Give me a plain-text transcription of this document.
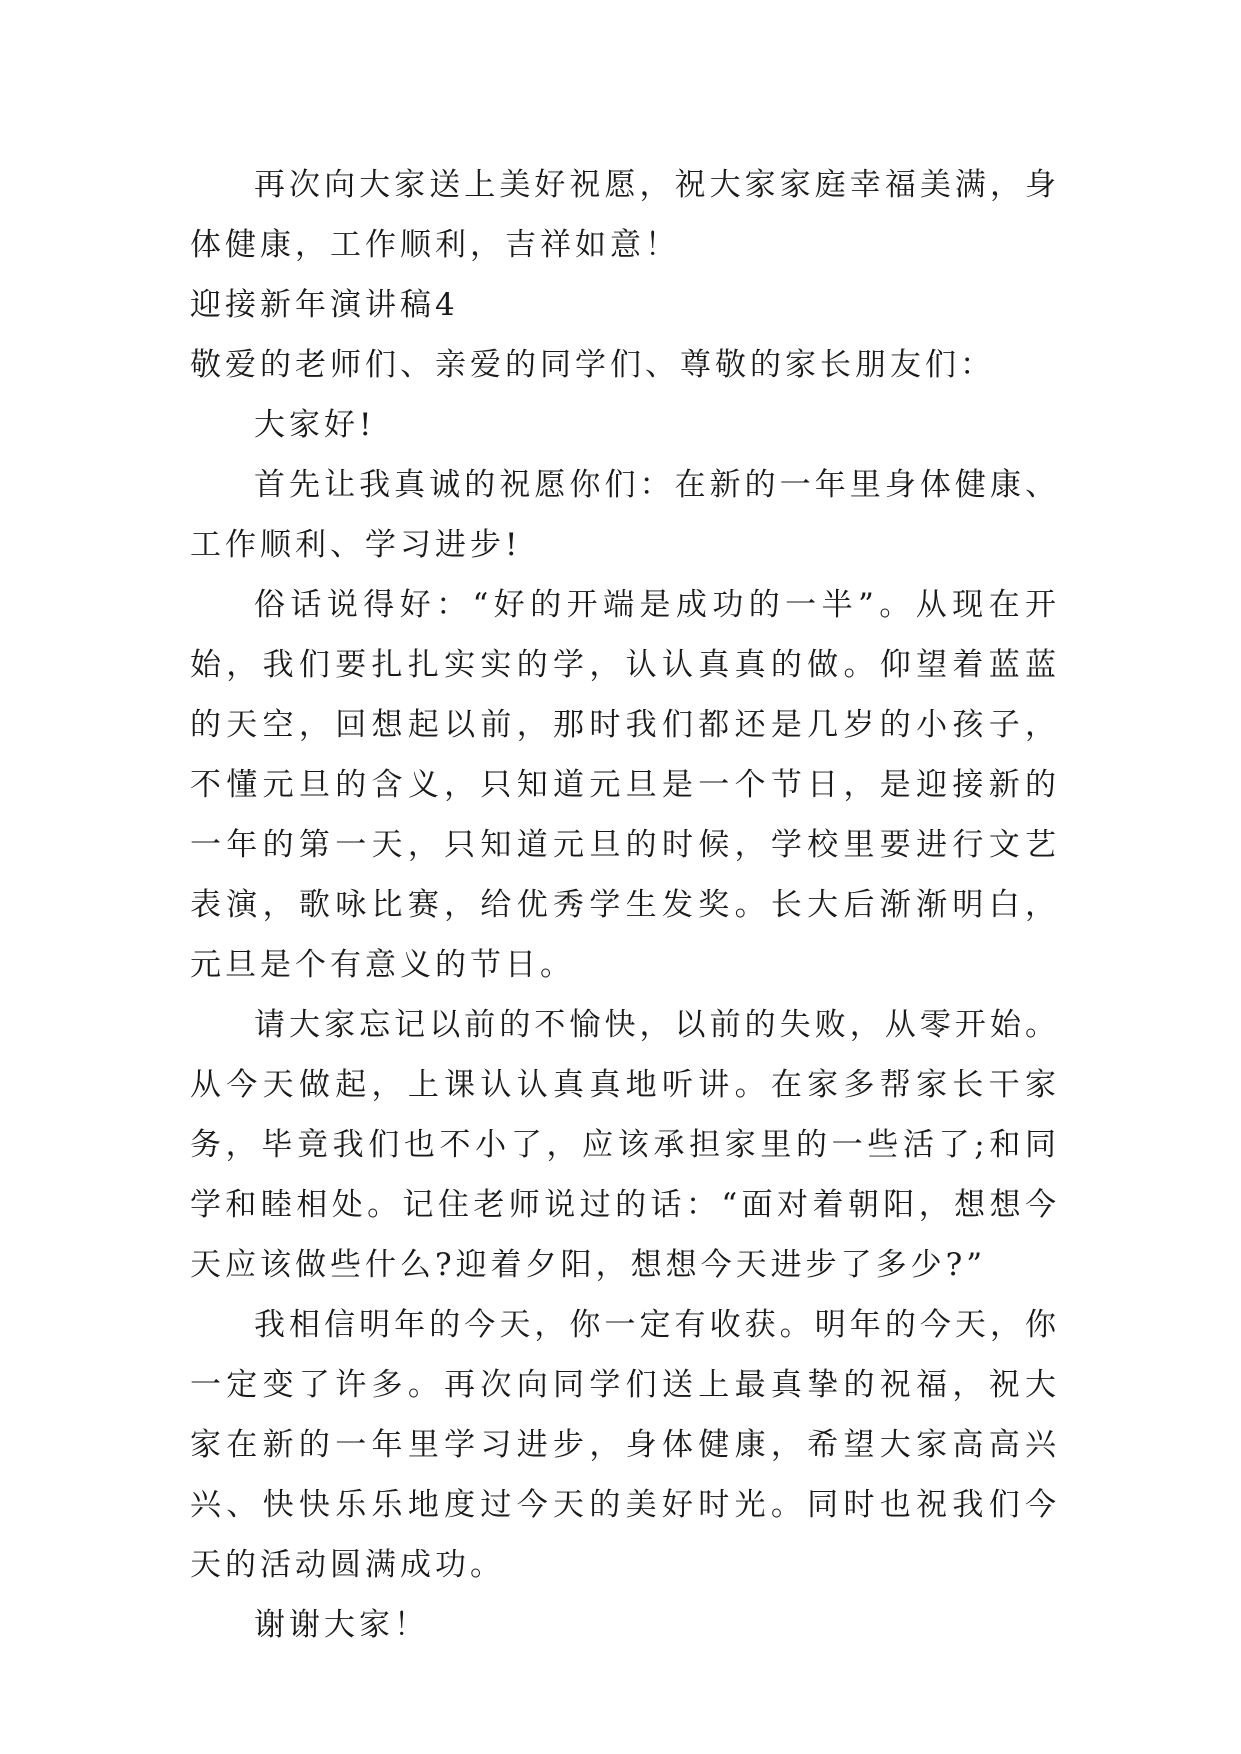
再次向大家送上美好祝愿，祝大家家庭幸福美满，身体健康，工作顺利，吉祥如意！

迎接新年演讲稿4

敬爱的老师们、亲爱的同学们、尊敬的家长朋友们：

大家好!

首先让我真诚的祝愿你们：在新的一年里身体健康、工作顺利、学习进步!

俗话说得好：“好的开端是成功的一半”。从现在开始，我们要扎扎实实的学，认认真真的做。仰望着蓝蓝的天空，回想起以前，那时我们都还是几岁的小孩子，不懂元旦的含义，只知道元旦是一个节日，是迎接新的一年的第一天，只知道元旦的时候，学校里要进行文艺表演，歌咏比赛，给优秀学生发奖。长大后渐渐明白，元旦是个有意义的节日。

请大家忘记以前的不愉快，以前的失败，从零开始。从今天做起，上课认认真真地听讲。在家多帮家长干家务，毕竟我们也不小了，应该承担家里的一些活了;和同学和睦相处。记住老师说过的话：“面对着朝阳，想想今天应该做些什么?迎着夕阳，想想今天进步了多少?”

我相信明年的今天，你一定有收获。明年的今天，你一定变了许多。再次向同学们送上最真挚的祝福，祝大家在新的一年里学习进步，身体健康，希望大家高高兴兴、快快乐乐地度过今天的美好时光。同时也祝我们今天的活动圆满成功。

谢谢大家！
